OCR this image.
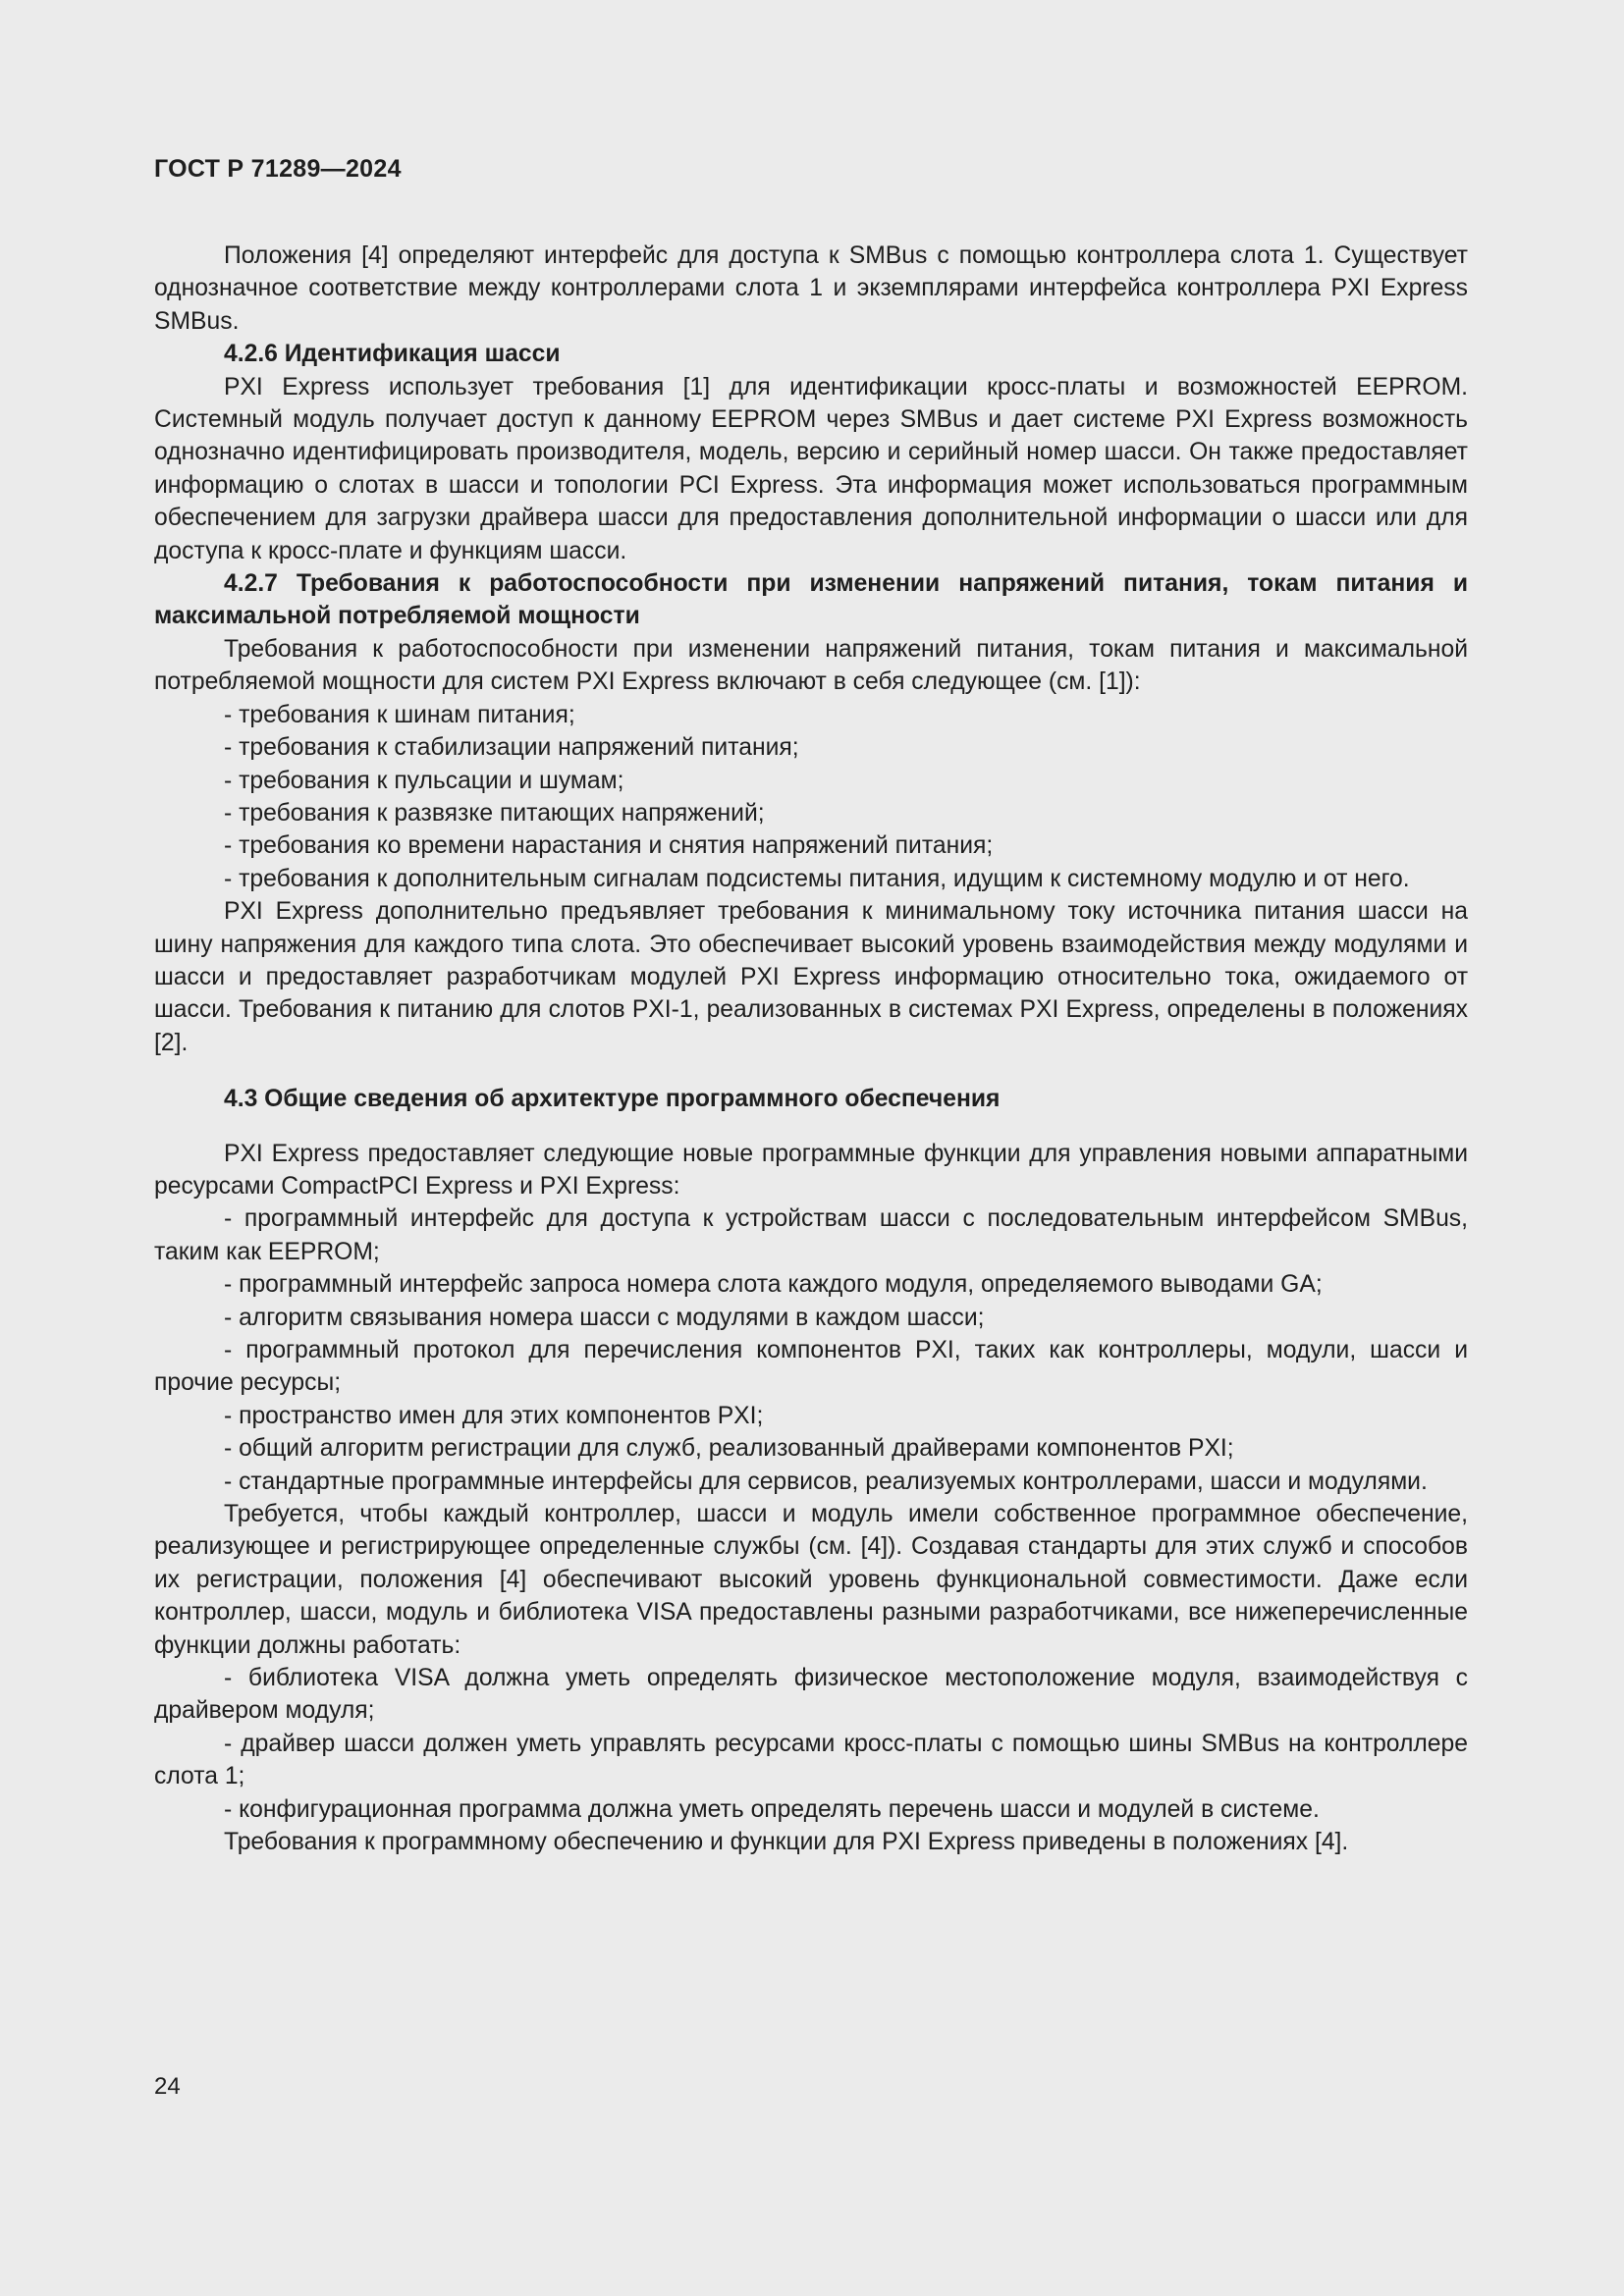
ГОСТ Р 71289—2024

Положения [4] определяют интерфейс для доступа к SMBus с помощью контроллера слота 1. Существует однозначное соответствие между контроллерами слота 1 и экземплярами интерфейса контроллера PXI Express SMBus.

4.2.6 Идентификация шасси

PXI Express использует требования [1] для идентификации кросс-платы и возможностей EEPROM. Системный модуль получает доступ к данному EEPROM через SMBus и дает системе PXI Express возможность однозначно идентифицировать производителя, модель, версию и серийный номер шасси. Он также предоставляет информацию о слотах в шасси и топологии PCI Express. Эта информация может использоваться программным обеспечением для загрузки драйвера шасси для предоставления дополнительной информации о шасси или для доступа к кросс-плате и функциям шасси.

4.2.7 Требования к работоспособности при изменении напряжений питания, токам питания и максимальной потребляемой мощности

Требования к работоспособности при изменении напряжений питания, токам питания и максимальной потребляемой мощности для систем PXI Express включают в себя следующее (см. [1]):

- требования к шинам питания;

- требования к стабилизации напряжений питания;

- требования к пульсации и шумам;

- требования к развязке питающих напряжений;

- требования ко времени нарастания и снятия напряжений питания;

- требования к дополнительным сигналам подсистемы питания, идущим к системному модулю и от него.

PXI Express дополнительно предъявляет требования к минимальному току источника питания шасси на шину напряжения для каждого типа слота. Это обеспечивает высокий уровень взаимодействия между модулями и шасси и предоставляет разработчикам модулей PXI Express информацию относительно тока, ожидаемого от шасси. Требования к питанию для слотов PXI-1, реализованных в системах PXI Express, определены в положениях [2].

4.3 Общие сведения об архитектуре программного обеспечения

PXI Express предоставляет следующие новые программные функции для управления новыми аппаратными ресурсами CompactPCI Express и PXI Express:

- программный интерфейс для доступа к устройствам шасси с последовательным интерфейсом SMBus, таким как EEPROM;

- программный интерфейс запроса номера слота каждого модуля, определяемого выводами GA;

- алгоритм связывания номера шасси с модулями в каждом шасси;

- программный протокол для перечисления компонентов PXI, таких как контроллеры, модули, шасси и прочие ресурсы;

- пространство имен для этих компонентов PXI;

- общий алгоритм регистрации для служб, реализованный драйверами компонентов PXI;

- стандартные программные интерфейсы для сервисов, реализуемых контроллерами, шасси и модулями.

Требуется, чтобы каждый контроллер, шасси и модуль имели собственное программное обеспечение, реализующее и регистрирующее определенные службы (см. [4]). Создавая стандарты для этих служб и способов их регистрации, положения [4] обеспечивают высокий уровень функциональной совместимости. Даже если контроллер, шасси, модуль и библиотека VISA предоставлены разными разработчиками, все нижеперечисленные функции должны работать:

- библиотека VISA должна уметь определять физическое местоположение модуля, взаимодействуя с драйвером модуля;

- драйвер шасси должен уметь управлять ресурсами кросс-платы с помощью шины SMBus на контроллере слота 1;

- конфигурационная программа должна уметь определять перечень шасси и модулей в системе.

Требования к программному обеспечению и функции для PXI Express приведены в положениях [4].

24
